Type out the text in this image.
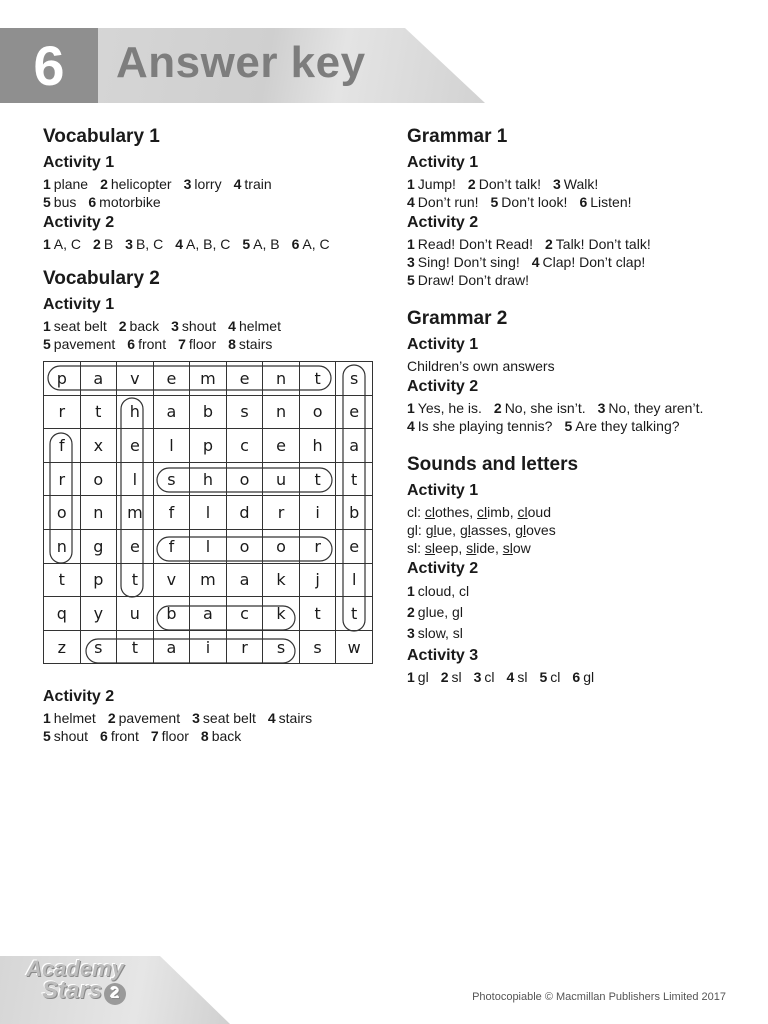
6	Answer key
Vocabulary 1
Activity 1
1 plane 2 helicopter 3 lorry 4 train
5 bus 6 motorbike
Activity 2
1 A, C 2 B 3 B, C 4 A, B, C 5 A, B 6 A, C
Vocabulary 2
Activity 1
1 seat belt 2 back 3 shout 4 helmet
5 pavement 6 front 7 floor 8 stairs
p	a	v	e	m	e	n	t	s
r	t	h	a	b	s	n	o	e
f	x	e	l	p	c	e	h	a
r	o	l	s	h	o	u	t	t
o	n	m	f	l	d	r	i	b
n	g	e	f	l	o	o	r	e
t	p	t	v	m	a	k	j	l
q	y	u	b	a	c	k	t	t
z	s	t	a	i	r	s	s	w
Activity 2
1 helmet 2 pavement 3 seat belt 4 stairs
5 shout 6 front 7 floor 8 back
Grammar 1
Activity 1
1 Jump! 2 Don’t talk! 3 Walk!
4 Don’t run! 5 Don’t look! 6 Listen!
Activity 2
1 Read! Don’t Read! 2 Talk! Don’t talk!
3 Sing! Don’t sing! 4 Clap! Don’t clap!
5 Draw! Don’t draw!
Grammar 2
Activity 1
Children’s own answers
Activity 2
1 Yes, he is. 2 No, she isn’t. 3 No, they aren’t.
4 Is she playing tennis? 5 Are they talking?
Sounds and letters
Activity 1
cl: clothes, climb, cloud
gl: glue, glasses, gloves
sl: sleep, slide, slow
Activity 2
1 cloud, cl
2 glue, gl
3 slow, sl
Activity 3
1 gl 2 sl 3 cl 4 sl 5 cl 6 gl
Academy
Stars 2	Photocopiable © Macmillan Publishers Limited 2017
